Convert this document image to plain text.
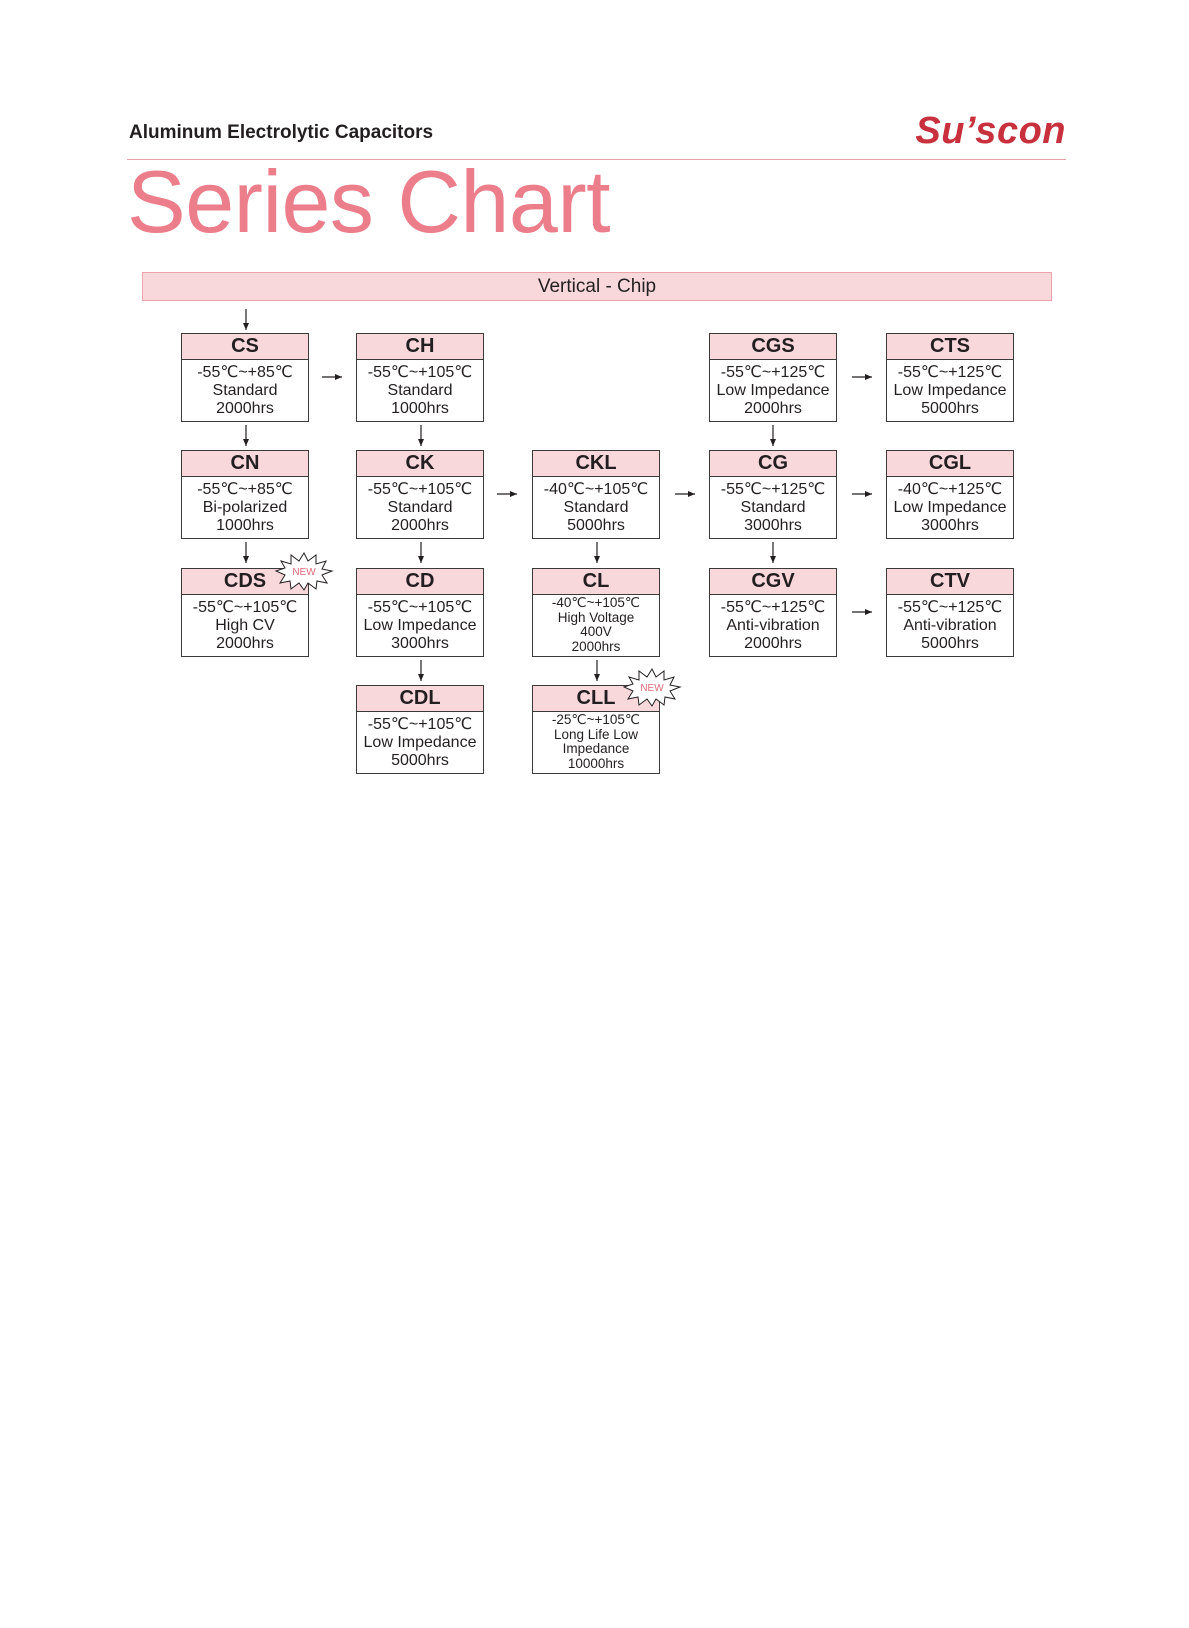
Aluminum Electrolytic Capacitors	Su’scon
Series Chart
Vertical - Chip
CS
-55℃~+85℃
Standard
2000hrs
CH
-55℃~+105℃
Standard
1000hrs
CGS
-55℃~+125℃
Low Impedance
2000hrs
CTS
-55℃~+125℃
Low Impedance
5000hrs
CN
-55℃~+85℃
Bi-polarized
1000hrs
CK
-55℃~+105℃
Standard
2000hrs
CKL
-40℃~+105℃
Standard
5000hrs
CG
-55℃~+125℃
Standard
3000hrs
CGL
-40℃~+125℃
Low Impedance
3000hrs
CDS
-55℃~+105℃
High CV
2000hrs
CD
-55℃~+105℃
Low Impedance
3000hrs
CL
-40℃~+105℃
High Voltage
400V
2000hrs
CGV
-55℃~+125℃
Anti-vibration
2000hrs
CTV
-55℃~+125℃
Anti-vibration
5000hrs
CDL
-55℃~+105℃
Low Impedance
5000hrs
CLL
-25℃~+105℃
Long Life Low
Impedance
10000hrs
NEW
NEW
